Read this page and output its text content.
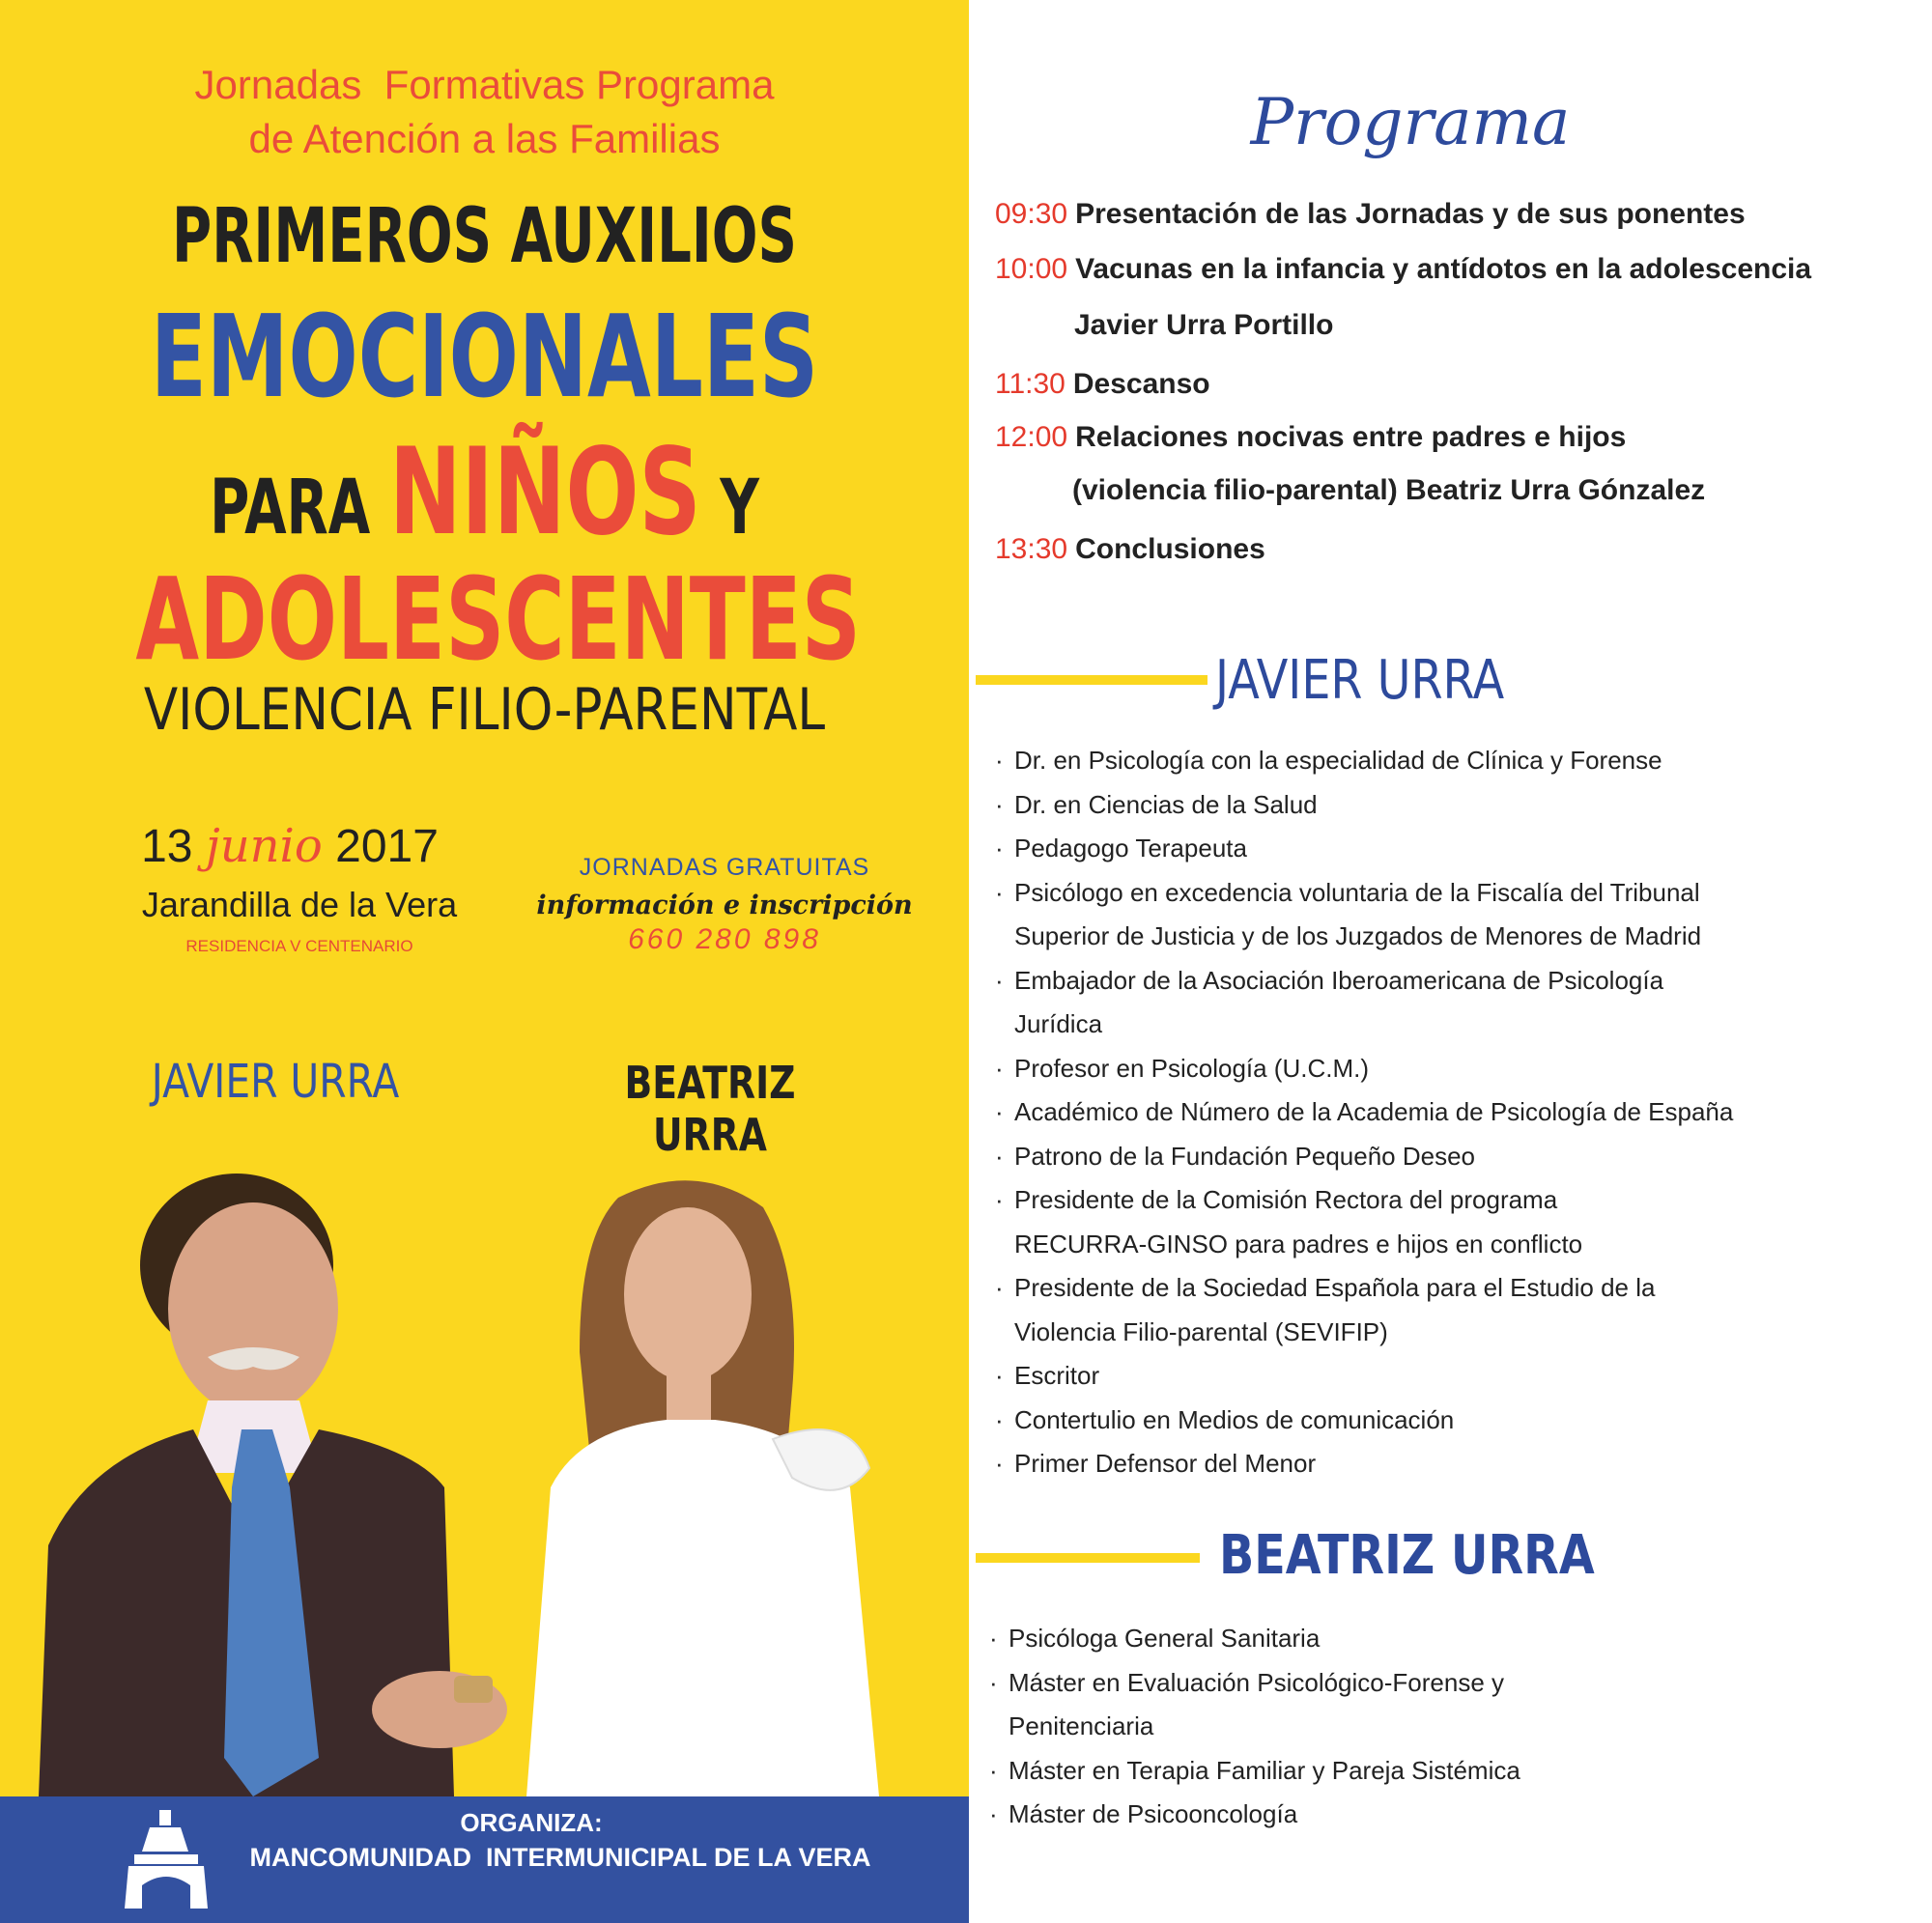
Jornadas  Formativas Programa
de Atención a las Familias
PRIMEROS AUXILIOS
EMOCIONALES
PARA NIÑOS Y
ADOLESCENTES
VIOLENCIA FILIO-PARENTAL
13 junio 2017
Jarandilla de la Vera
RESIDENCIA V CENTENARIO
JORNADAS GRATUITAS
información e inscripción
660 280 898
JAVIER URRA	BEATRIZ URRA
ORGANIZA:
MANCOMUNIDAD  INTERMUNICIPAL DE LA VERA
Programa
09:30 Presentación de las Jornadas y de sus ponentes
10:00 Vacunas en la infancia y antídotos en la adolescencia
Javier Urra Portillo
11:30 Descanso
12:00 Relaciones nocivas entre padres e hijos
(violencia filio-parental) Beatriz Urra Gónzalez
13:30 Conclusiones
JAVIER URRA
· Dr. en Psicología con la especialidad de Clínica y Forense
· Dr. en Ciencias de la Salud
· Pedagogo Terapeuta
· Psicólogo en excedencia voluntaria de la Fiscalía del Tribunal
Superior de Justicia y de los Juzgados de Menores de Madrid
· Embajador de la Asociación Iberoamericana de Psicología
Jurídica
· Profesor en Psicología (U.C.M.)
· Académico de Número de la Academia de Psicología de España
· Patrono de la Fundación Pequeño Deseo
· Presidente de la Comisión Rectora del programa
RECURRA-GINSO para padres e hijos en conflicto
· Presidente de la Sociedad Española para el Estudio de la
Violencia Filio-parental (SEVIFIP)
· Escritor
· Contertulio en Medios de comunicación
· Primer Defensor del Menor
BEATRIZ URRA
· Psicóloga General Sanitaria
· Máster en Evaluación Psicológico-Forense y
Penitenciaria
· Máster en Terapia Familiar y Pareja Sistémica
· Máster de Psicooncología
